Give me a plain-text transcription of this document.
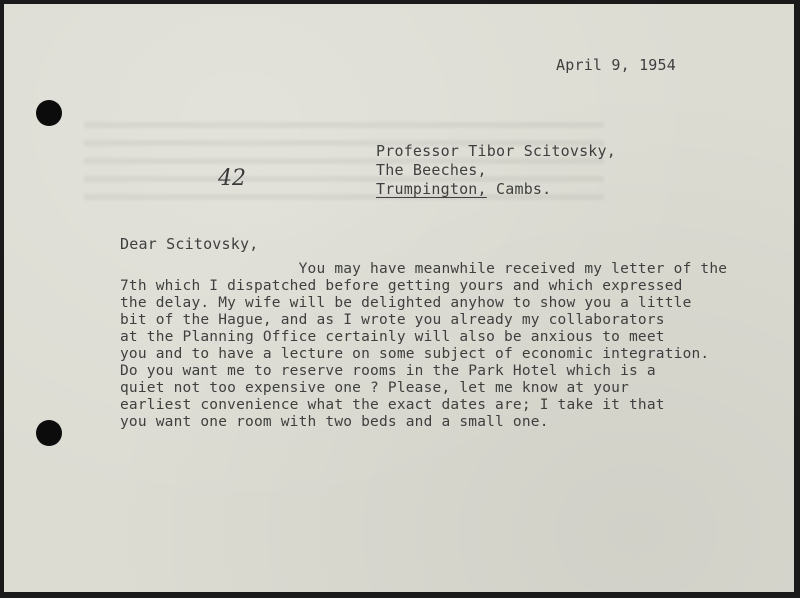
April 9, 1954
Professor Tibor Scitovsky,
The Beeches,
Trumpington, Cambs.
42
Dear Scitovsky,
You may have meanwhile received my letter of the
7th which I dispatched before getting yours and which expressed
the delay. My wife will be delighted anyhow to show you a little
bit of the Hague, and as I wrote you already my collaborators
at the Planning Office certainly will also be anxious to meet
you and to have a lecture on some subject of economic integration.
Do you want me to reserve rooms in the Park Hotel which is a
quiet not too expensive one ? Please, let me know at your
earliest convenience what the exact dates are; I take it that
you want one room with two beds and a small one.
